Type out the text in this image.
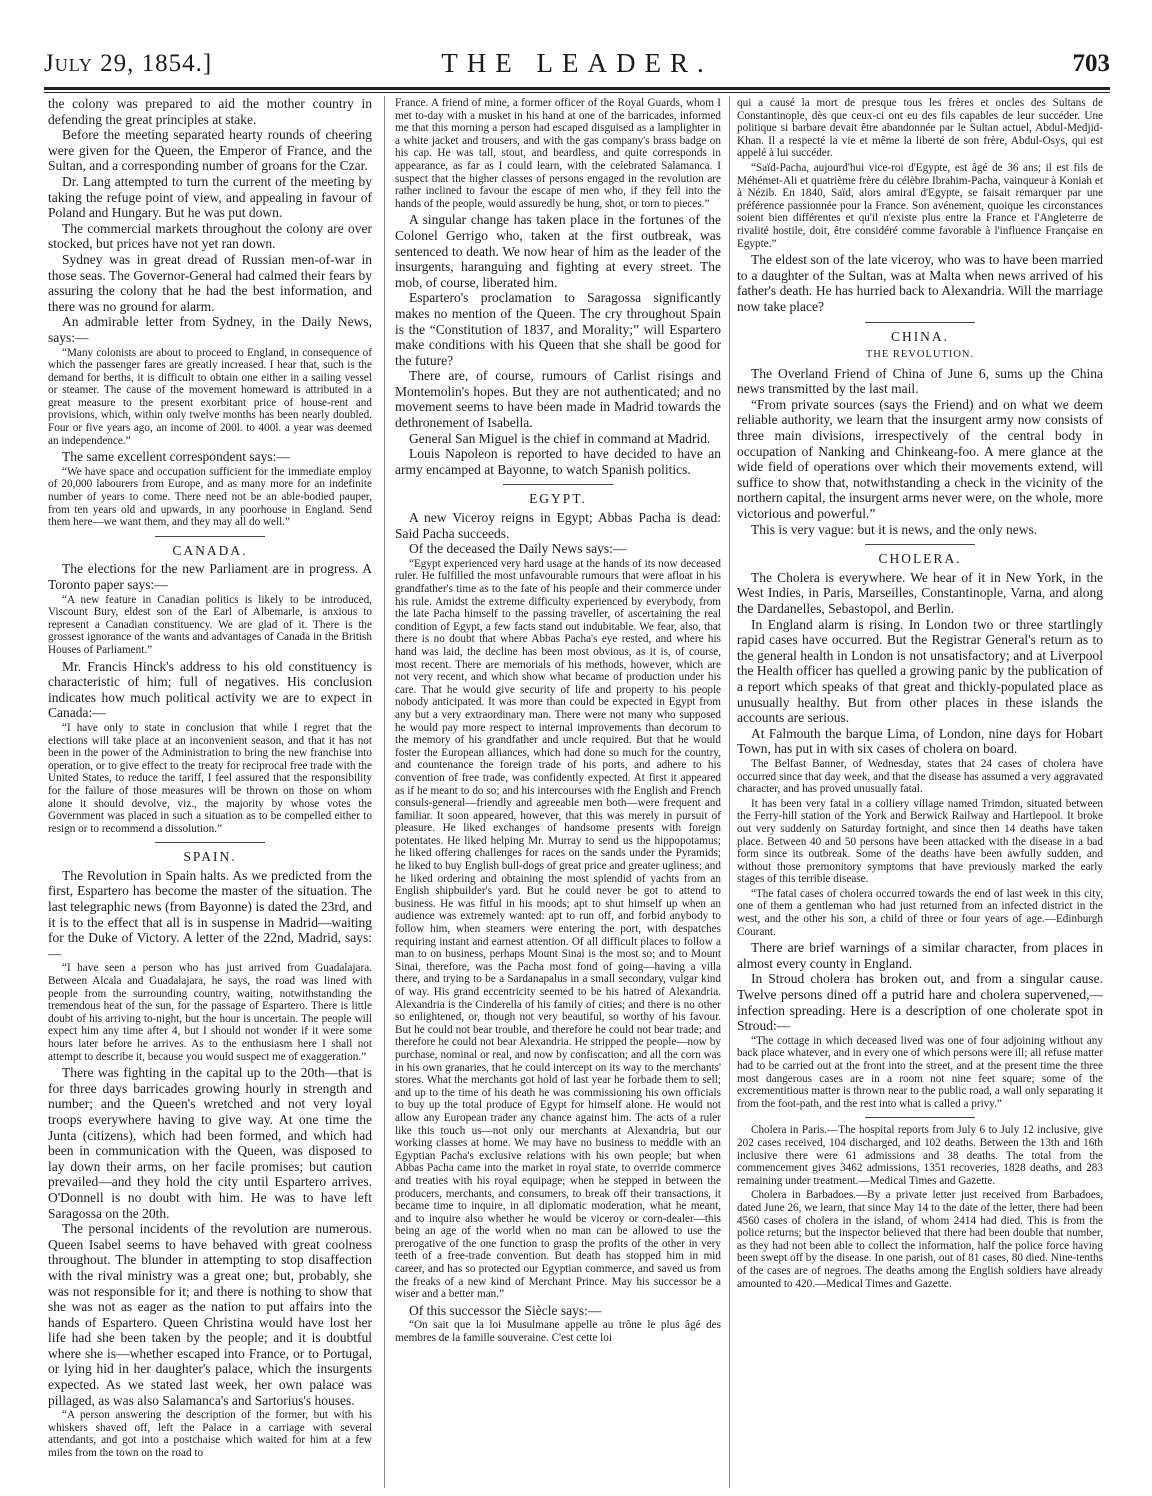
July 29, 1854.]	THE LEADER.	703

the colony was prepared to aid the mother country in defending the great principles at stake.

Before the meeting separated hearty rounds of cheering were given for the Queen, the Emperor of France, and the Sultan, and a corresponding number of groans for the Czar.

Dr. Lang attempted to turn the current of the meeting by taking the refuge point of view, and appealing in favour of Poland and Hungary. But he was put down.

The commercial markets throughout the colony are over stocked, but prices have not yet ran down.

Sydney was in great dread of Russian men-of-war in those seas. The Governor-General had calmed their fears by assuring the colony that he had the best information, and there was no ground for alarm.

An admirable letter from Sydney, in the Daily News, says:—

“Many colonists are about to proceed to England, in consequence of which the passenger fares are greatly increased. I hear that, such is the demand for berths, it is difficult to obtain one either in a sailing vessel or steamer. The cause of the movement homeward is attributed in a great measure to the present exorbitant price of house-rent and provisions, which, within only twelve months has been nearly doubled. Four or five years ago, an income of 200l. to 400l. a year was deemed an independence.”

The same excellent correspondent says:—

“We have space and occupation sufficient for the immediate employ of 20,000 labourers from Europe, and as many more for an indefinite number of years to come. There need not be an able-bodied pauper, from ten years old and upwards, in any poorhouse in England. Send them here—we want them, and they may all do well.”

CANADA.

The elections for the new Parliament are in progress. A Toronto paper says:—

“A new feature in Canadian politics is likely to be introduced, Viscount Bury, eldest son of the Earl of Albemarle, is anxious to represent a Canadian constituency. We are glad of it. There is the grossest ignorance of the wants and advantages of Canada in the British Houses of Parliament.”

Mr. Francis Hinck's address to his old constituency is characteristic of him; full of negatives. His conclusion indicates how much political activity we are to expect in Canada:—

“I have only to state in conclusion that while I regret that the elections will take place at an inconvenient season, and that it has not been in the power of the Administration to bring the new franchise into operation, or to give effect to the treaty for reciprocal free trade with the United States, to reduce the tariff, I feel assured that the responsibility for the failure of those measures will be thrown on those on whom alone it should devolve, viz., the majority by whose votes the Government was placed in such a situation as to be compelled either to resign or to recommend a dissolution.”

SPAIN.

The Revolution in Spain halts. As we predicted from the first, Espartero has become the master of the situation. The last telegraphic news (from Bayonne) is dated the 23rd, and it is to the effect that all is in suspense in Madrid—waiting for the Duke of Victory. A letter of the 22nd, Madrid, says:—

“I have seen a person who has just arrived from Guadalajara. Between Alcala and Guadalajara, he says, the road was lined with people from the surrounding country, waiting, notwithstanding the tremendous heat of the sun, for the passage of Espartero. There is little doubt of his arriving to-night, but the hour is uncertain. The people will expect him any time after 4, but I should not wonder if it were some hours later before he arrives. As to the enthusiasm here I shall not attempt to describe it, because you would suspect me of exaggeration.”

There was fighting in the capital up to the 20th—that is for three days barricades growing hourly in strength and number; and the Queen's wretched and not very loyal troops everywhere having to give way. At one time the Junta (citizens), which had been formed, and which had been in communication with the Queen, was disposed to lay down their arms, on her facile promises; but caution prevailed—and they hold the city until Espartero arrives. O'Donnell is no doubt with him. He was to have left Saragossa on the 20th.

The personal incidents of the revolution are numerous. Queen Isabel seems to have behaved with great coolness throughout. The blunder in attempting to stop disaffection with the rival ministry was a great one; but, probably, she was not responsible for it; and there is nothing to show that she was not as eager as the nation to put affairs into the hands of Espartero. Queen Christina would have lost her life had she been taken by the people; and it is doubtful where she is—whether escaped into France, or to Portugal, or lying hid in her daughter's palace, which the insurgents expected. As we stated last week, her own palace was pillaged, as was also Salamanca's and Sartorius's houses.

“A person answering the description of the former, but with his whiskers shaved off, left the Palace in a carriage with several attendants, and got into a postchaise which waited for him at a few miles from the town on the road to

France. A friend of mine, a former officer of the Royal Guards, whom I met to-day with a musket in his hand at one of the barricades, informed me that this morning a person had escaped disguised as a lamplighter in a white jacket and trousers, and with the gas company's brass badge on his cap. He was tall, stout, and beardless, and quite corresponds in appearance, as far as I could learn, with the celebrated Salamanca. I suspect that the higher classes of persons engaged in the revolution are rather inclined to favour the escape of men who, if they fell into the hands of the people, would assuredly be hung, shot, or torn to pieces.”

A singular change has taken place in the fortunes of the Colonel Gerrigo who, taken at the first outbreak, was sentenced to death. We now hear of him as the leader of the insurgents, haranguing and fighting at every street. The mob, of course, liberated him.

Espartero's proclamation to Saragossa significantly makes no mention of the Queen. The cry throughout Spain is the “Constitution of 1837, and Morality;” will Espartero make conditions with his Queen that she shall be good for the future?

There are, of course, rumours of Carlist risings and Montemolin's hopes. But they are not authenticated; and no movement seems to have been made in Madrid towards the dethronement of Isabella.

General San Miguel is the chief in command at Madrid.

Louis Napoleon is reported to have decided to have an army encamped at Bayonne, to watch Spanish politics.

EGYPT.

A new Viceroy reigns in Egypt; Abbas Pacha is dead: Said Pacha succeeds.

Of the deceased the Daily News says:—

“Egypt experienced very hard usage at the hands of its now deceased ruler. He fulfilled the most unfavourable rumours that were afloat in his grandfather's time as to the fate of his people and their commerce under his rule. Amidst the extreme difficulty experienced by everybody, from the late Pacha himself to the passing traveller, of ascertaining the real condition of Egypt, a few facts stand out indubitable. We fear, also, that there is no doubt that where Abbas Pacha's eye rested, and where his hand was laid, the decline has been most obvious, as it is, of course, most recent. There are memorials of his methods, however, which are not very recent, and which show what became of production under his care. That he would give security of life and property to his people nobody anticipated. It was more than could be expected in Egypt from any but a very extraordinary man. There were not many who supposed he would pay more respect to internal improvements than decorum to the memory of his grandfather and uncle required. But that he would foster the European alliances, which had done so much for the country, and countenance the foreign trade of his ports, and adhere to his convention of free trade, was confidently expected. At first it appeared as if he meant to do so; and his intercourses with the English and French consuls-general—friendly and agreeable men both—were frequent and familiar. It soon appeared, however, that this was merely in pursuit of pleasure. He liked exchanges of handsome presents with foreign potentates. He liked helping Mr. Murray to send us the hippopotamus; he liked offering challenges for races on the sands under the Pyramids; he liked to buy English bull-dogs of great price and greater ugliness; and he liked ordering and obtaining the most splendid of yachts from an English shipbuilder's yard. But he could never be got to attend to business. He was fitful in his moods; apt to shut himself up when an audience was extremely wanted: apt to run off, and forbid anybody to follow him, when steamers were entering the port, with despatches requiring instant and earnest attention. Of all difficult places to follow a man to on business, perhaps Mount Sinai is the most so; and to Mount Sinai, therefore, was the Pacha most fond of going—having a villa there, and trying to be a Sardanapalus in a small secondary, vulgar kind of way. His grand eccentricity seemed to be his hatred of Alexandria. Alexandria is the Cinderella of his family of cities; and there is no other so enlightened, or, though not very beautiful, so worthy of his favour. But he could not bear trouble, and therefore he could not bear trade; and therefore he could not bear Alexandria. He stripped the people—now by purchase, nominal or real, and now by confiscation; and all the corn was in his own granaries, that he could intercept on its way to the merchants' stores. What the merchants got hold of last year he forbade them to sell; and up to the time of his death he was commissioning his own officials to buy up the total produce of Egypt for himself alone. He would not allow any European trader any chance against him. The acts of a ruler like this touch us—not only our merchants at Alexandria, but our working classes at home. We may have no business to meddle with an Egyptian Pacha's exclusive relations with his own people; but when Abbas Pacha came into the market in royal state, to override commerce and treaties with his royal equipage; when he stepped in between the producers, merchants, and consumers, to break off their transactions, it became time to inquire, in all diplomatic moderation, what he meant, and to inquire also whether he would be viceroy or corn-dealer—this being an age of the world when no man can be allowed to use the prerogative of the one function to grasp the profits of the other in very teeth of a free-trade convention. But death has stopped him in mid career, and has so protected our Egyptian commerce, and saved us from the freaks of a new kind of Merchant Prince. May his successor be a wiser and a better man.”

Of this successor the Siècle says:—

“On sait que la loi Musulmane appelle au trône le plus âgé des membres de la famille souveraine. C'est cette loi

qui a causé la mort de presque tous les frères et oncles des Sultans de Constantinople, dès que ceux-ci ont eu des fils capables de leur succéder. Une politique si barbare devait être abandonnée par le Sultan actuel, Abdul-Medjid-Khan. Il a respecté la vie et même la liberté de son frère, Abdul-Osys, qui est appelé à lui succéder.

“Saïd-Pacha, aujourd'hui vice-roi d'Egypte, est âgé de 36 ans; il est fils de Méhémet-Ali et quatrième frère du célèbre Ibrahim-Pacha, vainqueur à Koniah et à Nézib. En 1840, Saïd, alors amiral d'Egypte, se faisait remarquer par une préférence passionnée pour la France. Son avénement, quoique les circonstances soient bien différentes et qu'il n'existe plus entre la France et l'Angleterre de rivalité hostile, doit, être considéré comme favorable à l'influence Française en Egypte.”

The eldest son of the late viceroy, who was to have been married to a daughter of the Sultan, was at Malta when news arrived of his father's death. He has hurried back to Alexandria. Will the marriage now take place?

CHINA.
THE REVOLUTION.

The Overland Friend of China of June 6, sums up the China news transmitted by the last mail.

“From private sources (says the Friend) and on what we deem reliable authority, we learn that the insurgent army now consists of three main divisions, irrespectively of the central body in occupation of Nanking and Chinkeang-foo. A mere glance at the wide field of operations over which their movements extend, will suffice to show that, notwithstanding a check in the vicinity of the northern capital, the insurgent arms never were, on the whole, more victorious and powerful.”

This is very vague: but it is news, and the only news.

CHOLERA.

The Cholera is everywhere. We hear of it in New York, in the West Indies, in Paris, Marseilles, Constantinople, Varna, and along the Dardanelles, Sebastopol, and Berlin.

In England alarm is rising. In London two or three startlingly rapid cases have occurred. But the Registrar General's return as to the general health in London is not unsatisfactory; and at Liverpool the Health officer has quelled a growing panic by the publication of a report which speaks of that great and thickly-populated place as unusually healthy. But from other places in these islands the accounts are serious.

At Falmouth the barque Lima, of London, nine days for Hobart Town, has put in with six cases of cholera on board.

The Belfast Banner, of Wednesday, states that 24 cases of cholera have occurred since that day week, and that the disease has assumed a very aggravated character, and has proved unusually fatal.

It has been very fatal in a colliery village named Trimdon, situated between the Ferry-hill station of the York and Berwick Railway and Hartlepool. It broke out very suddenly on Saturday fortnight, and since then 14 deaths have taken place. Between 40 and 50 persons have been attacked with the disease in a bad form since its outbreak. Some of the deaths have been awfully sudden, and without those premonitory symptoms that have previously marked the early stages of this terrible disease.

“The fatal cases of cholera occurred towards the end of last week in this city, one of them a gentleman who had just returned from an infected district in the west, and the other his son, a child of three or four years of age.—Edinburgh Courant.

There are brief warnings of a similar character, from places in almost every county in England.

In Stroud cholera has broken out, and from a singular cause. Twelve persons dined off a putrid hare and cholera supervened,—infection spreading. Here is a description of one cholerate spot in Stroud:—

“The cottage in which deceased lived was one of four adjoining without any back place whatever, and in every one of which persons were ill; all refuse matter had to be carried out at the front into the street, and at the present time the three most dangerous cases are in a room not nine feet square; some of the excrementitious matter is thrown near to the public road, a wall only separating it from the foot-path, and the rest into what is called a privy.”

Cholera in Paris.—The hospital reports from July 6 to July 12 inclusive, give 202 cases received, 104 discharged, and 102 deaths. Between the 13th and 16th inclusive there were 61 admissions and 38 deaths. The total from the commencement gives 3462 admissions, 1351 recoveries, 1828 deaths, and 283 remaining under treatment.—Medical Times and Gazette.

Cholera in Barbadoes.—By a private letter just received from Barbadoes, dated June 26, we learn, that since May 14 to the date of the letter, there had been 4560 cases of cholera in the island, of whom 2414 had died. This is from the police returns; but the inspector believed that there had been double that number, as they had not been able to collect the information, half the police force having been swept off by the disease. In one parish, out of 81 cases, 80 died. Nine-tenths of the cases are of negroes. The deaths among the English soldiers have already amounted to 420.—Medical Times and Gazette.
